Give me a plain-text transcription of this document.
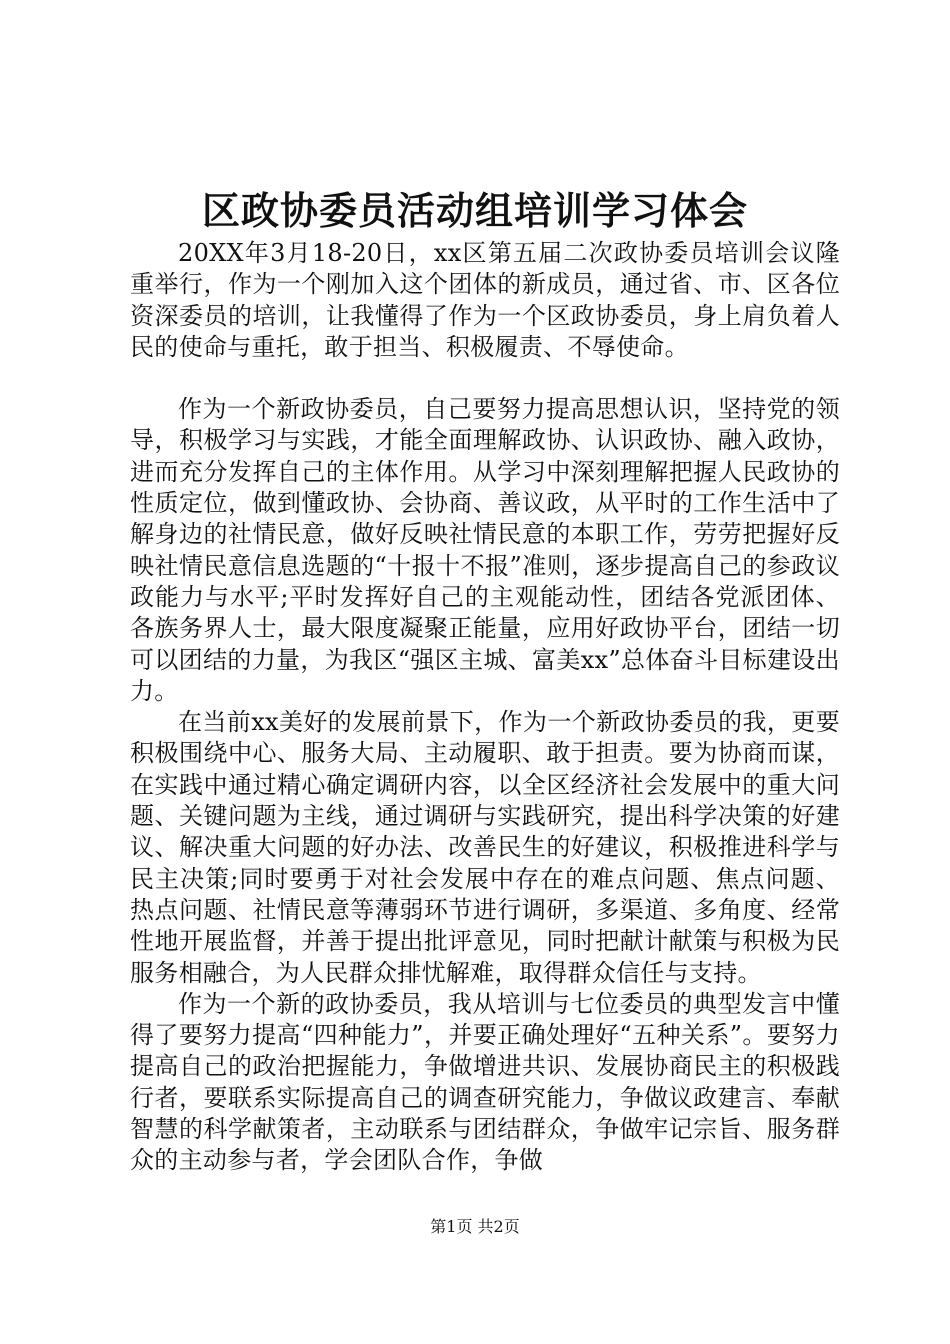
区政协委员活动组培训学习体会

20XX年3月18-20日，xx区第五届二次政协委员培训会议隆重举行，作为一个刚加入这个团体的新成员，通过省、市、区各位资深委员的培训，让我懂得了作为一个区政协委员，身上肩负着人民的使命与重托，敢于担当、积极履责、不辱使命。

作为一个新政协委员，自己要努力提高思想认识，坚持党的领导，积极学习与实践，才能全面理解政协、认识政协、融入政协，进而充分发挥自己的主体作用。从学习中深刻理解把握人民政协的性质定位，做到懂政协、会协商、善议政，从平时的工作生活中了解身边的社情民意，做好反映社情民意的本职工作，劳劳把握好反映社情民意信息选题的“十报十不报”准则，逐步提高自己的参政议政能力与水平;平时发挥好自己的主观能动性，团结各党派团体、各族务界人士，最大限度凝聚正能量，应用好政协平台，团结一切可以团结的力量，为我区“强区主城、富美xx”总体奋斗目标建设出力。

在当前xx美好的发展前景下，作为一个新政协委员的我，更要积极围绕中心、服务大局、主动履职、敢于担责。要为协商而谋，在实践中通过精心确定调研内容，以全区经济社会发展中的重大问题、关键问题为主线，通过调研与实践研究，提出科学决策的好建议、解决重大问题的好办法、改善民生的好建议，积极推进科学与民主决策;同时要勇于对社会发展中存在的难点问题、焦点问题、热点问题、社情民意等薄弱环节进行调研，多渠道、多角度、经常性地开展监督，并善于提出批评意见，同时把献计献策与积极为民服务相融合，为人民群众排忧解难，取得群众信任与支持。

作为一个新的政协委员，我从培训与七位委员的典型发言中懂得了要努力提高“四种能力”，并要正确处理好“五种关系”。要努力提高自己的政治把握能力，争做增进共识、发展协商民主的积极践行者，要联系实际提高自己的调查研究能力，争做议政建言、奉献智慧的科学献策者，主动联系与团结群众，争做牢记宗旨、服务群众的主动参与者，学会团队合作，争做

第1页 共2页
